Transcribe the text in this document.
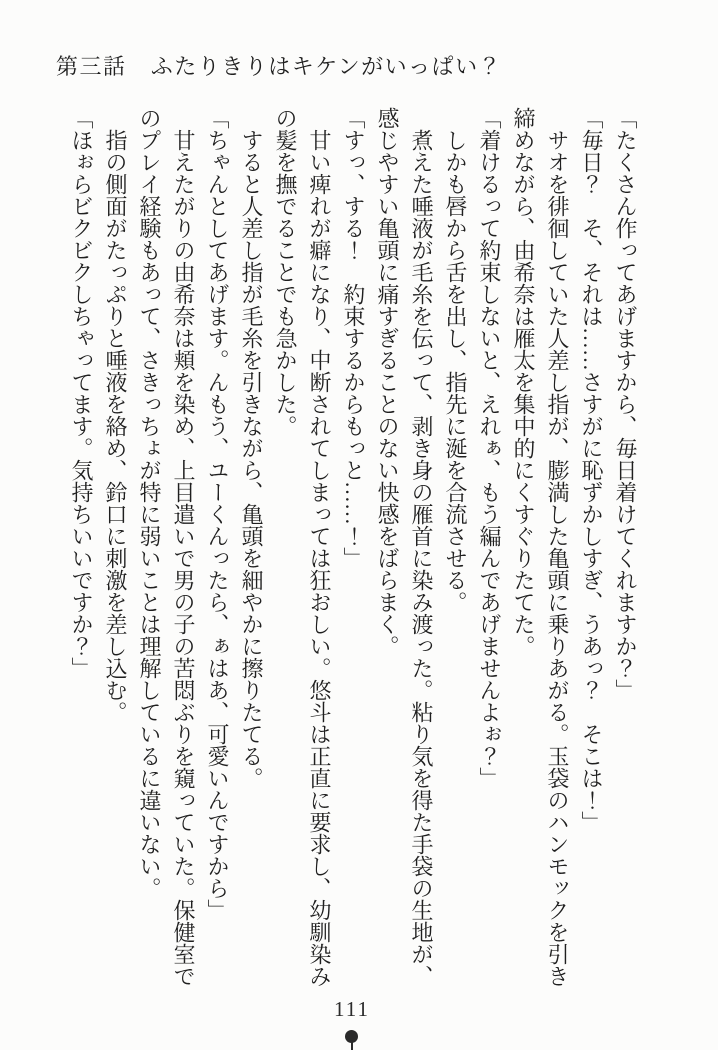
第三話 ふたりきりはキケンがいっぱい？

「たくさん作ってあげますから、毎日着けてくれますか？」

「毎日？　そ、それは……さすがに恥ずかしすぎ、うあっ？　そこは！」

サオを徘徊していた人差し指が、膨満した亀頭に乗りあがる。玉袋のハンモックを引き

締めながら、由希奈は雁太を集中的にくすぐりたてた。

「着けるって約束しないと、えれぁ、もう編んであげませんよぉ？」

しかも唇から舌を出し、指先に涎を合流させる。

煮えた唾液が毛糸を伝って、剥き身の雁首に染み渡った。粘り気を得た手袋の生地が、

感じやすい亀頭に痛すぎることのない快感をばらまく。

「すっ、する！　約束するからもっと……！」

甘い痺れが癖になり、中断されてしまっては狂おしい。悠斗は正直に要求し、幼馴染み

の髪を撫でることでも急かした。

すると人差し指が毛糸を引きながら、亀頭を細やかに擦りたてる。

「ちゃんとしてあげます。んもう、ユーくんったら、ぁはあ、可愛いんですから」

甘えたがりの由希奈は頬を染め、上目遣いで男の子の苦悶ぶりを窺っていた。保健室で

のプレイ経験もあって、さきっちょが特に弱いことは理解しているに違いない。

指の側面がたっぷりと唾液を絡め、鈴口に刺激を差し込む。

「ほぉらビクビクしちゃってます。気持ちいいですか？」

111
